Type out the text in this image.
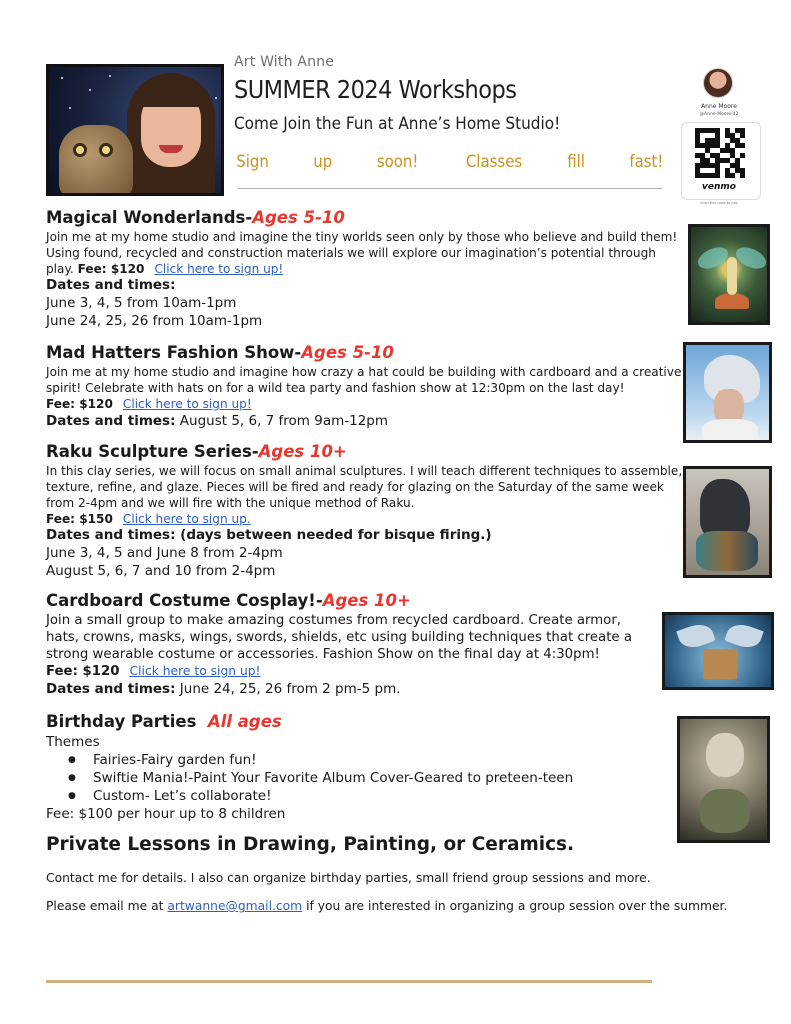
Art With Anne
SUMMER 2024 Workshops
Come Join the Fun at Anne’s Home Studio!
Sign	up	soon!	Classes	fill	fast!
Anne Moore
@Anne-Moore-42
venmo
Scan this code to pay
Magical Wonderlands-Ages 5-10
Join me at my home studio and imagine the tiny worlds seen only by those who believe and build them!
Using found, recycled and construction materials we will explore our imagination’s potential through
play. Fee: $120 Click here to sign up!
Dates and times:
June 3, 4, 5 from 10am-1pm
June 24, 25, 26 from 10am-1pm
Mad Hatters Fashion Show-Ages 5-10
Join me at my home studio and imagine how crazy a hat could be building with cardboard and a creative
spirit! Celebrate with hats on for a wild tea party and fashion show at 12:30pm on the last day!
Fee: $120 Click here to sign up!
Dates and times: August 5, 6, 7 from 9am-12pm
Raku Sculpture Series-Ages 10+
In this clay series, we will focus on small animal sculptures. I will teach different techniques to assemble,
texture, refine, and glaze. Pieces will be fired and ready for glazing on the Saturday of the same week
from 2-4pm and we will fire with the unique method of Raku.
Fee: $150 Click here to sign up.
Dates and times: (days between needed for bisque firing.)
June 3, 4, 5 and June 8 from 2-4pm
August 5, 6, 7 and 10 from 2-4pm
Cardboard Costume Cosplay!-Ages 10+
Join a small group to make amazing costumes from recycled cardboard. Create armor,
hats, crowns, masks, wings, swords, shields, etc using building techniques that create a
strong wearable costume or accessories. Fashion Show on the final day at 4:30pm!
Fee: $120 Click here to sign up!
Dates and times: June 24, 25, 26 from 2 pm-5 pm.
Birthday Parties All ages
Themes
● Fairies-Fairy garden fun!
● Swiftie Mania!-Paint Your Favorite Album Cover-Geared to preteen-teen
● Custom- Let’s collaborate!
Fee: $100 per hour up to 8 children
Private Lessons in Drawing, Painting, or Ceramics.
Contact me for details. I also can organize birthday parties, small friend group sessions and more.
Please email me at artwanne@gmail.com if you are interested in organizing a group session over the summer.
